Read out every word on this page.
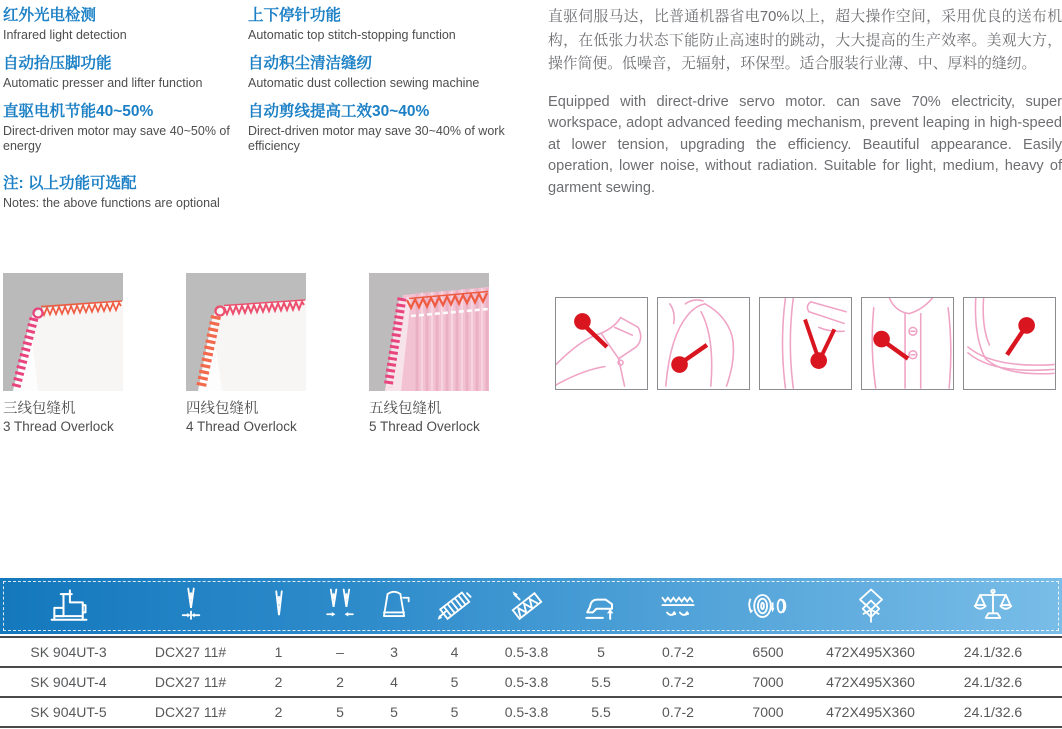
红外光电检测
Infrared light detection
自动抬压脚功能
Automatic presser and lifter function
直驱电机节能40~50%
Direct-driven motor may save 40~50% of energy
注: 以上功能可选配
Notes: the above functions are optional
上下停针功能
Automatic top stitch-stopping function
自动积尘清洁缝纫
Automatic dust collection sewing machine
自动剪线提高工效30~40%
Direct-driven motor may save 30~40% of work efficiency

直驱伺服马达，比普通机器省电70%以上，超大操作空间，采用优良的送布机构，在低张力状态下能防止高速时的跳动，大大提高的生产效率。美观大方，操作简便。低噪音，无辐射，环保型。适合服装行业薄、中、厚料的缝纫。

Equipped with direct-drive servo motor. can save 70% electricity, super workspace, adopt advanced feeding mechanism, prevent leaping in high-speed at lower tension, upgrading the efficiency. Beautiful appearance. Easily operation, lower noise, without radiation. Suitable for light, medium, heavy of garment sewing.

三线包缝机
3 Thread Overlock
四线包缝机
4 Thread Overlock
五线包缝机
5 Thread Overlock
SK 904UT-3	DCX27 11#	1	–	3	4	0.5-3.8	5	0.7-2	6500	472X495X360	24.1/32.6
SK 904UT-4	DCX27 11#	2	2	4	5	0.5-3.8	5.5	0.7-2	7000	472X495X360	24.1/32.6
SK 904UT-5	DCX27 11#	2	5	5	5	0.5-3.8	5.5	0.7-2	7000	472X495X360	24.1/32.6
